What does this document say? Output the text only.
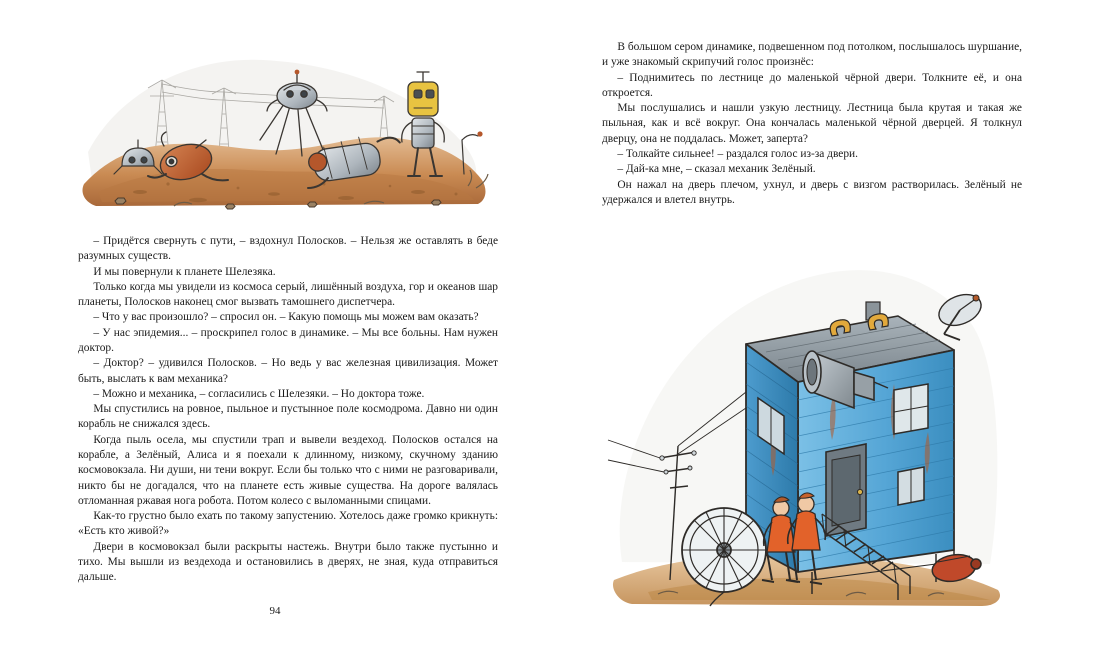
– Придётся свернуть с пути, – вздохнул Полосков. – Нельзя же оставлять в беде разумных существ.

И мы повернули к планете Шелезяка.

Только когда мы увидели из космоса серый, лишённый воздуха, гор и океанов шар планеты, Полосков наконец смог вызвать тамошнего диспетчера.

– Что у вас произошло? – спросил он. – Какую помощь мы можем вам оказать?

– У нас эпидемия... – проскрипел голос в динамике. – Мы все больны. Нам нужен доктор.

– Доктор? – удивился Полосков. – Но ведь у вас железная цивилизация. Может быть, выслать к вам механика?

– Можно и механика, – согласились с Шелезяки. – Но доктора тоже.

Мы спустились на ровное, пыльное и пустынное поле космодрома. Давно ни один корабль не снижался здесь.

Когда пыль осела, мы спустили трап и вывели вездеход. Полосков остался на корабле, а Зелёный, Алиса и я поехали к длинному, низкому, скучному зданию космовокзала. Ни души, ни тени вокруг. Если бы только что с ними не разговаривали, никто бы не догадался, что на планете есть живые существа. На дороге валялась отломанная ржавая нога робота. Потом колесо с выломанными спицами.

Как-то грустно было ехать по такому запустению. Хотелось даже громко крикнуть: «Есть кто живой?»

Двери в космовокзал были раскрыты настежь. Внутри было также пустынно и тихо. Мы вышли из вездехода и остановились в дверях, не зная, куда отправиться дальше.

94

В большом сером динамике, подвешенном под потолком, послышалось шуршание, и уже знакомый скрипучий голос произнёс:

– Поднимитесь по лестнице до маленькой чёрной двери. Толкните её, и она откроется.

Мы послушались и нашли узкую лестницу. Лестница была крутая и такая же пыльная, как и всё вокруг. Она кончалась маленькой чёрной дверцей. Я толкнул дверцу, она не поддалась. Может, заперта?

– Толкайте сильнее! – раздался голос из-за двери.

– Дай-ка мне, – сказал механик Зелёный.

Он нажал на дверь плечом, ухнул, и дверь с визгом растворилась. Зелёный не удержался и влетел внутрь.
